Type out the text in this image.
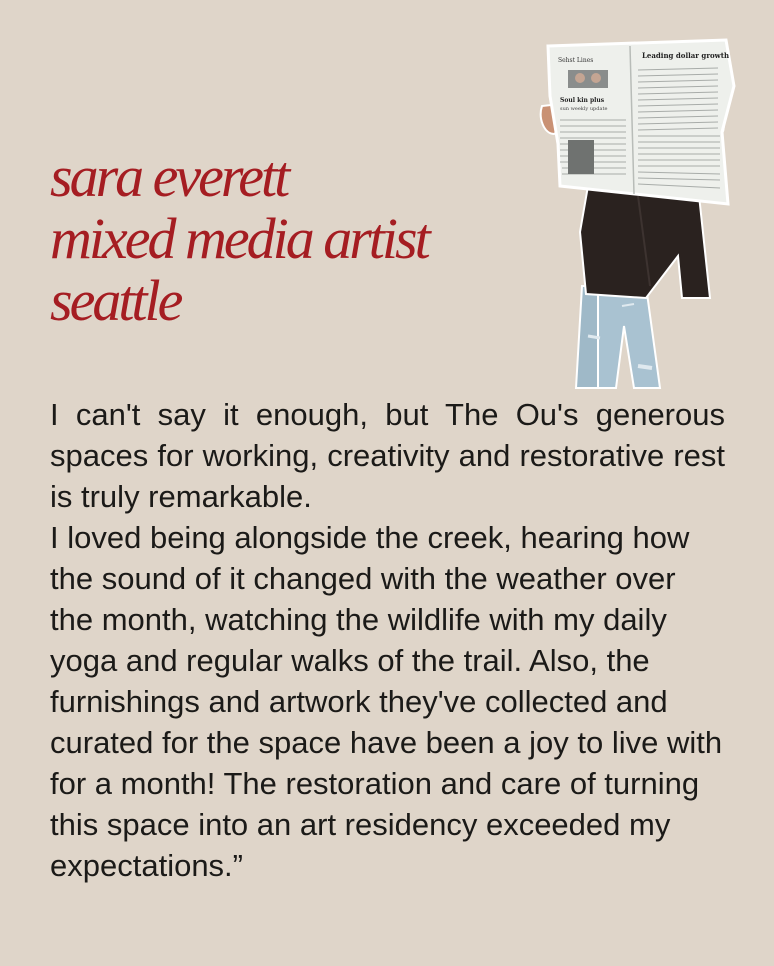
sara everett
mixed media artist
seattle
Sehst Lines
Leading dollar growth
Soul kin plus
sun weekly update

I can't say it enough, but The Ou's generous spaces for working, creativity and restorative rest is truly remarkable.

I loved being alongside the creek, hearing how the sound of it changed with the weather over the month, watching the wildlife with my daily yoga and regular walks of the trail. Also, the furnishings and artwork they've collected and curated for the space have been a joy to live with for a month! The restoration and care of turning this space into an art residency exceeded my expectations.”
